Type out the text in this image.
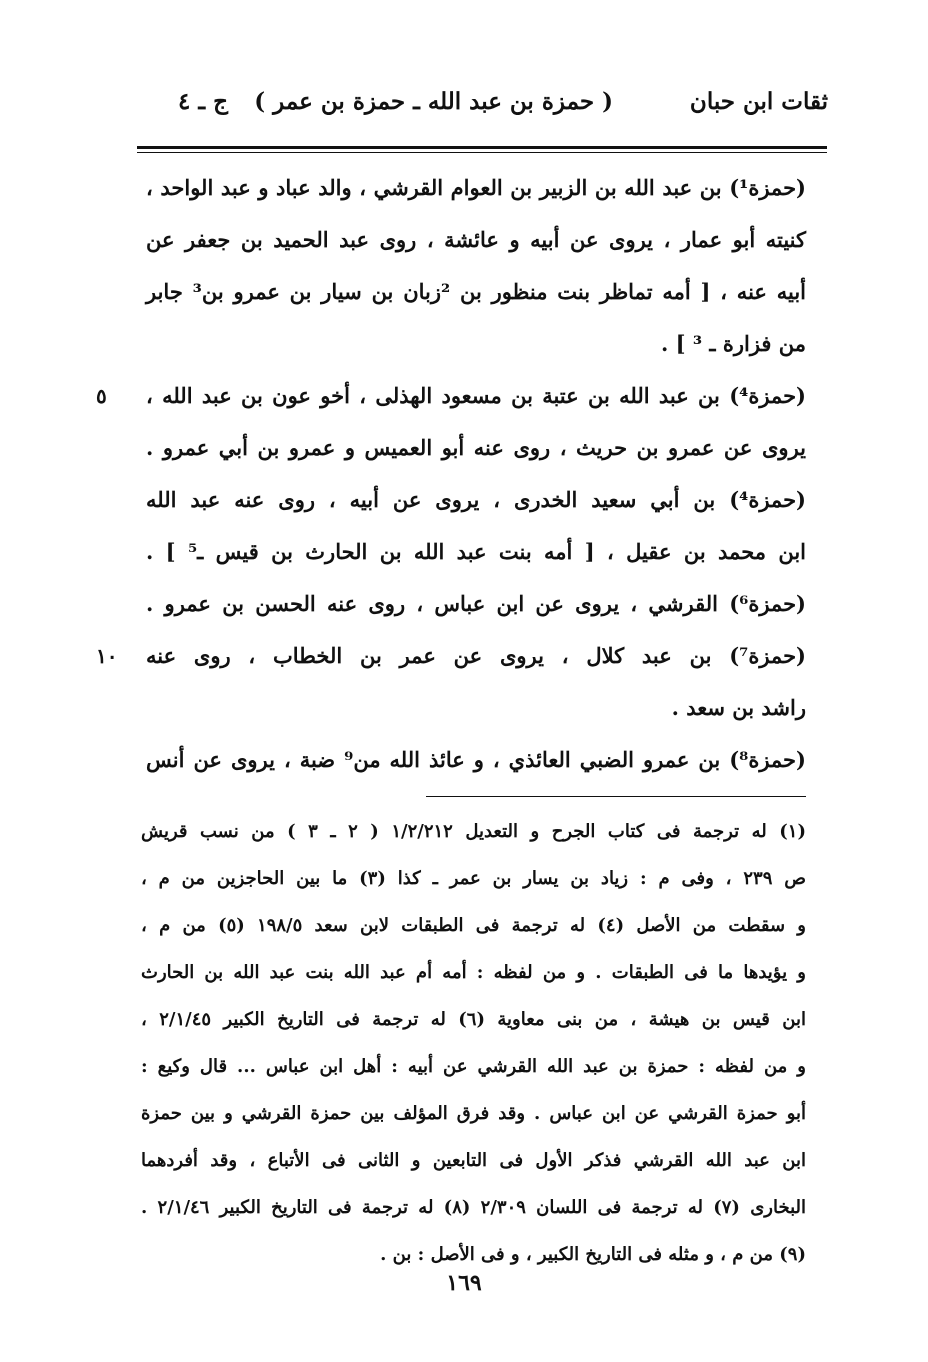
ثقات ابن حبان
( حمزة بن عبد الله ـ حمزة بن عمر )
ج ـ ٤
(حمزة¹) بن عبد الله بن الزبير بن العوام القرشي ، والد عباد و عبد الواحد ،
كنيته أبو عمار ، يروى عن أبيه و عائشة ، روى عبد الحميد بن جعفر عن
أبيه عنه ، [ أمه تماظر بنت منظور بن ²زبان بن سيار بن عمرو بن³ جابر
من فزارة ـ ³ ] .
(حمزة⁴) بن عبد الله بن عتبة بن مسعود الهذلى ، أخو عون بن عبد الله ،
٥
يروى عن عمرو بن حريث ، روى عنه أبو العميس و عمرو بن أبي عمرو .
(حمزة⁴) بن أبي سعيد الخدرى ، يروى عن أبيه ، روى عنه عبد الله
ابن محمد بن عقيل ، [ أمه بنت عبد الله بن الحارث بن قيس ـ⁵ ] .
(حمزة⁶) القرشي ، يروى عن ابن عباس ، روى عنه الحسن بن عمرو .
(حمزة⁷) بن عبد كلال ، يروى عن عمر بن الخطاب ، روى عنه
١٠
راشد بن سعد .
(حمزة⁸) بن عمرو الضبي العائذي ، و عائذ الله من⁹ ضبة ، يروى عن أنس
(١) له ترجمة فى كتاب الجرح و التعديل ١/٢/٢١٢ ( ٢ ـ ٣ ) من نسب قريش
ص ٢٣٩ ، وفى م : زياد بن يسار بن عمر ـ كذا (٣) ما بين الحاجزين من م ،
و سقطت من الأصل (٤) له ترجمة فى الطبقات لابن سعد ١٩٨/٥ (٥) من م ،
و يؤيدها ما فى الطبقات . و من لفظه : أمه أم عبد الله بنت عبد الله بن الحارث
ابن قيس بن هيشة ، من بنى معاوية (٦) له ترجمة فى التاريخ الكبير ٢/١/٤٥ ،
و من لفظه : حمزة بن عبد الله القرشي عن أبيه : أهل ابن عباس ... قال وكيع :
أبو حمزة القرشي عن ابن عباس . وقد فرق المؤلف بين حمزة القرشي و بين حمزة
ابن عبد الله القرشي فذكر الأول فى التابعين و الثانى فى الأتباع ، وقد أفردهما
البخارى (٧) له ترجمة فى اللسان ٢/٣٠٩ (٨) له ترجمة فى التاريخ الكبير ٢/١/٤٦ .
(٩) من م ، و مثله فى التاريخ الكبير ، و فى الأصل : بن .
١٦٩
